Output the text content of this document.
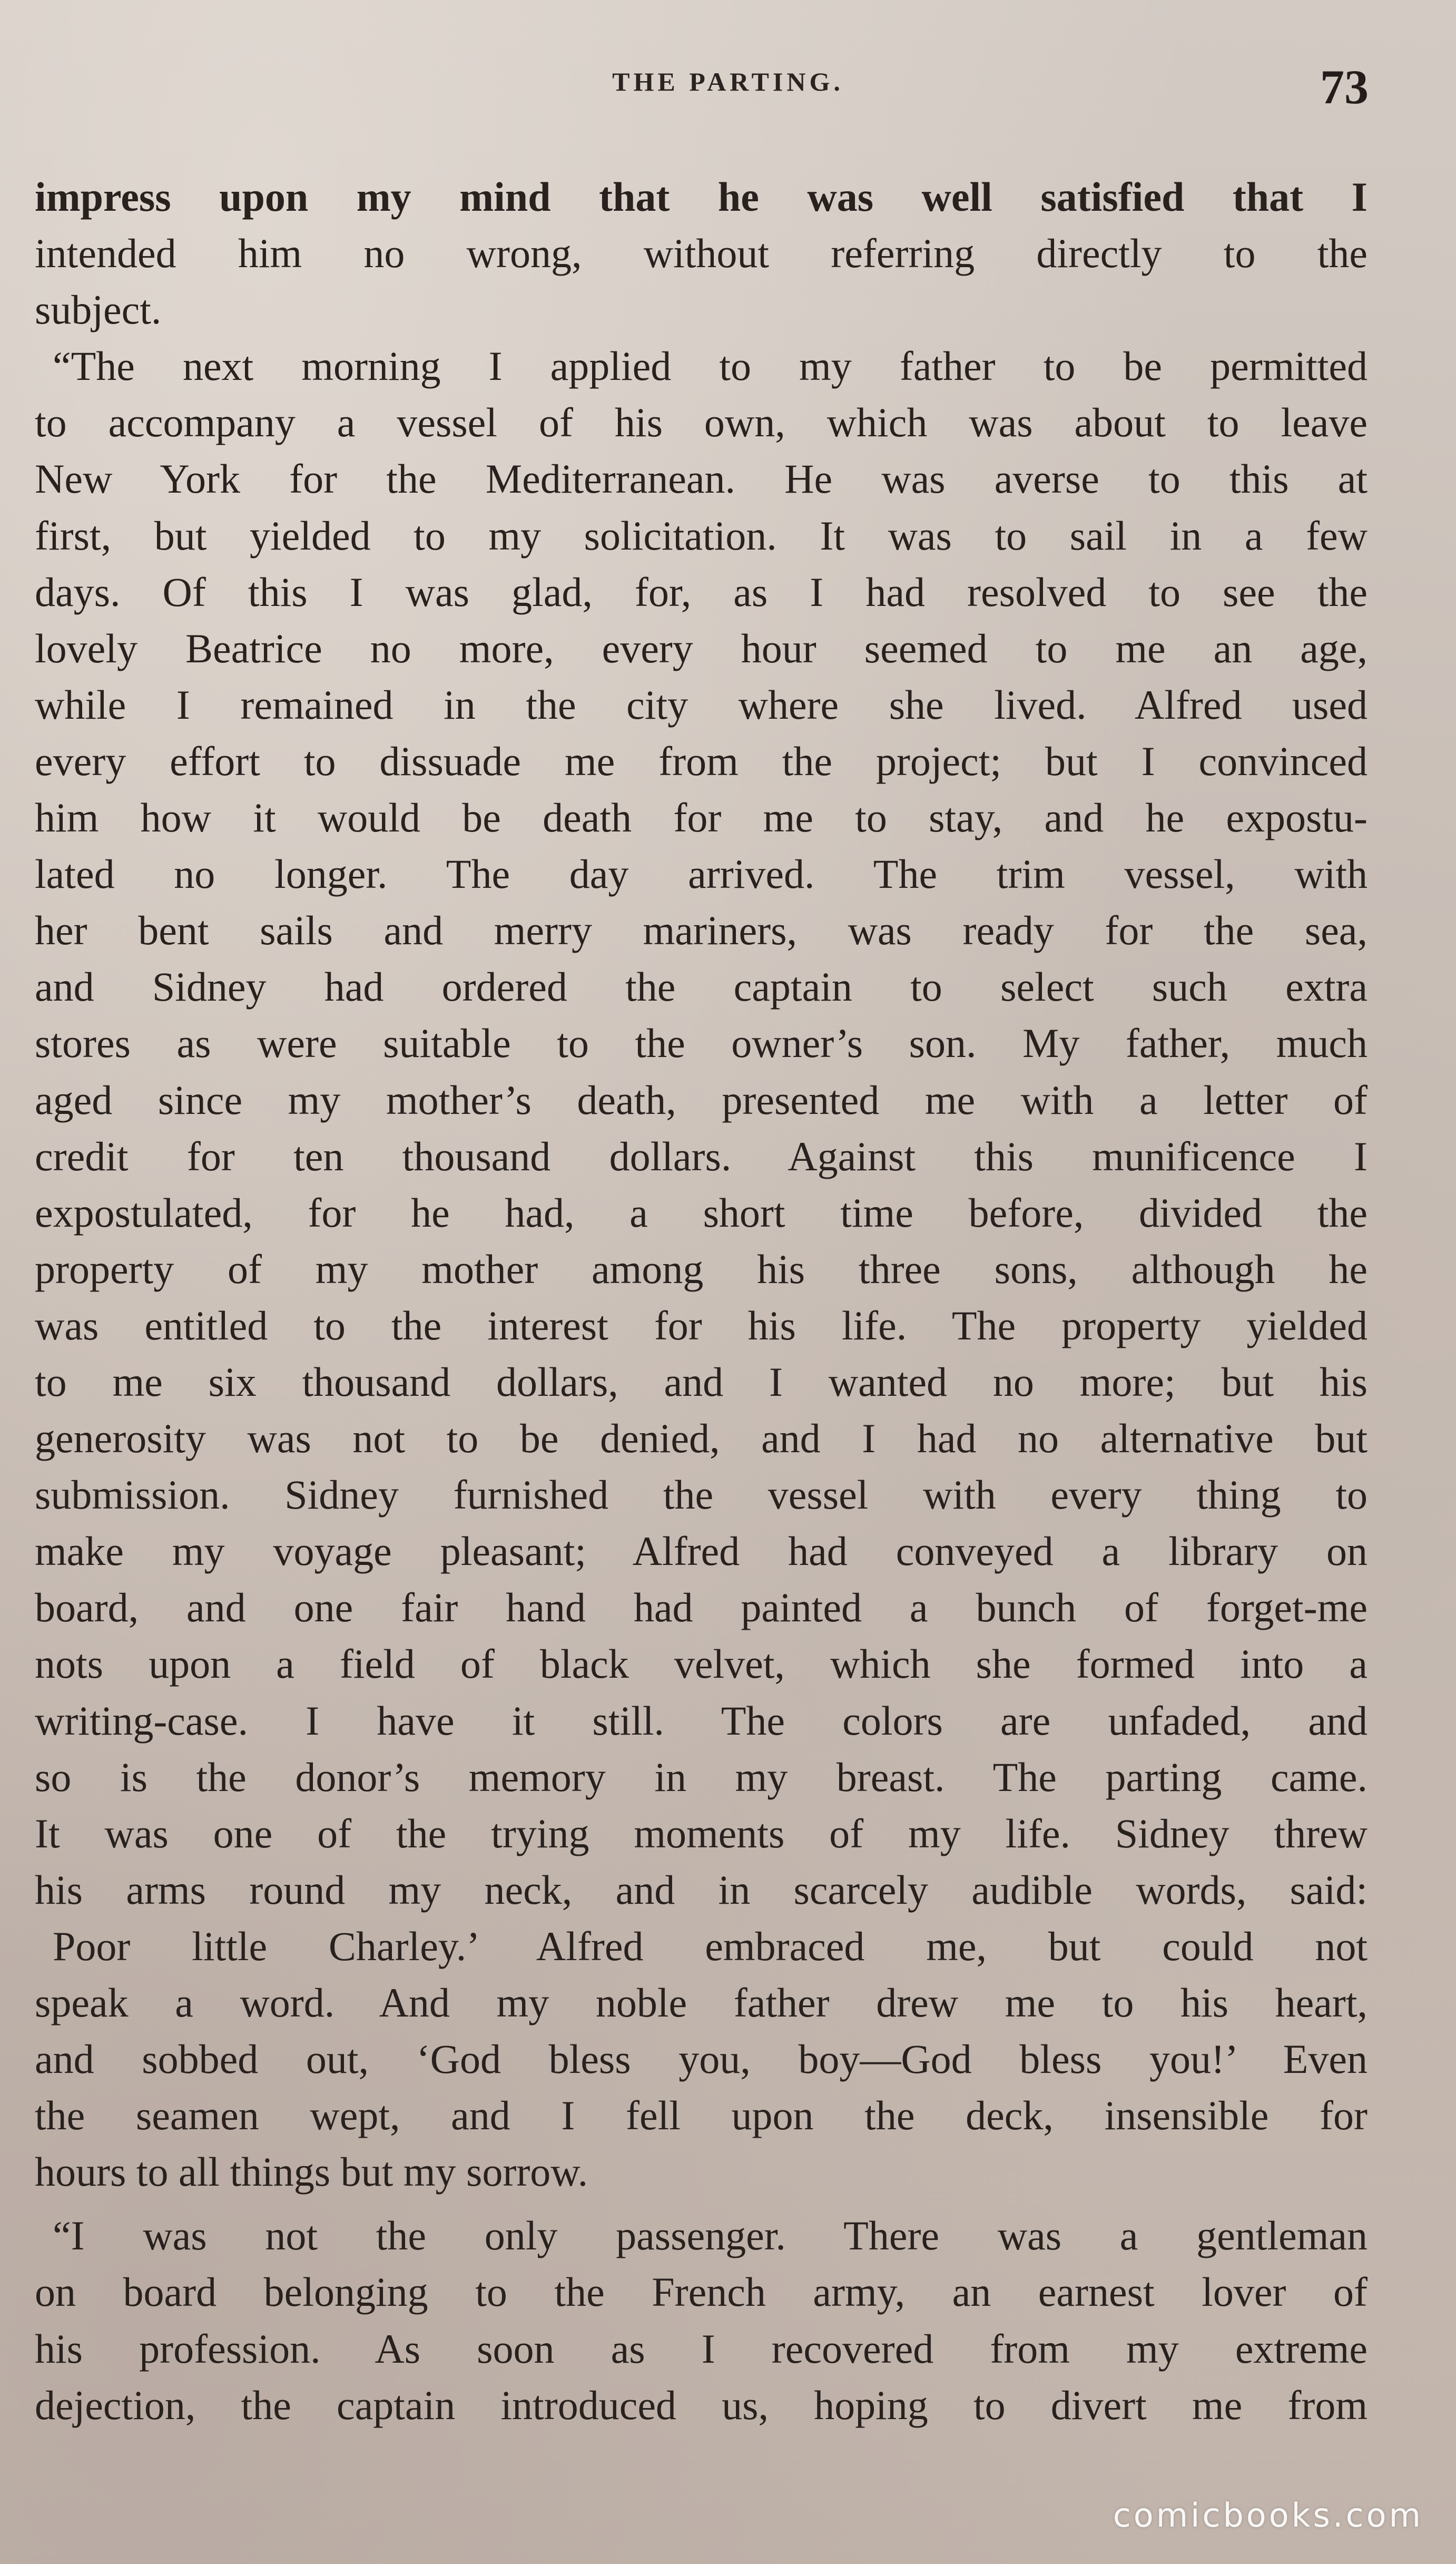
THE PARTING.	73
impress upon my mind that he was well satisfied that I
intended him no wrong, without referring directly to the
subject.
“The next morning I applied to my father to be permitted
to accompany a vessel of his own, which was about to leave
New York for the Mediterranean. He was averse to this at
first, but yielded to my solicitation. It was to sail in a few
days. Of this I was glad, for, as I had resolved to see the
lovely Beatrice no more, every hour seemed to me an age,
while I remained in the city where she lived. Alfred used
every effort to dissuade me from the project; but I convinced
him how it would be death for me to stay, and he expostu-
lated no longer. The day arrived. The trim vessel, with
her bent sails and merry mariners, was ready for the sea,
and Sidney had ordered the captain to select such extra
stores as were suitable to the owner’s son. My father, much
aged since my mother’s death, presented me with a letter of
credit for ten thousand dollars. Against this munificence I
expostulated, for he had, a short time before, divided the
property of my mother among his three sons, although he
was entitled to the interest for his life. The property yielded
to me six thousand dollars, and I wanted no more; but his
generosity was not to be denied, and I had no alternative but
submission. Sidney furnished the vessel with every thing to
make my voyage pleasant; Alfred had conveyed a library on
board, and one fair hand had painted a bunch of forget-me
nots upon a field of black velvet, which she formed into a
writing-case. I have it still. The colors are unfaded, and
so is the donor’s memory in my breast. The parting came.
It was one of the trying moments of my life. Sidney threw
his arms round my neck, and in scarcely audible words, said:
Poor little Charley.’ Alfred embraced me, but could not
speak a word. And my noble father drew me to his heart,
and sobbed out, ‘God bless you, boy—God bless you!’ Even
the seamen wept, and I fell upon the deck, insensible for
hours to all things but my sorrow.
“I was not the only passenger. There was a gentleman
on board belonging to the French army, an earnest lover of
his profession. As soon as I recovered from my extreme
dejection, the captain introduced us, hoping to divert me from
comicbooks.com
